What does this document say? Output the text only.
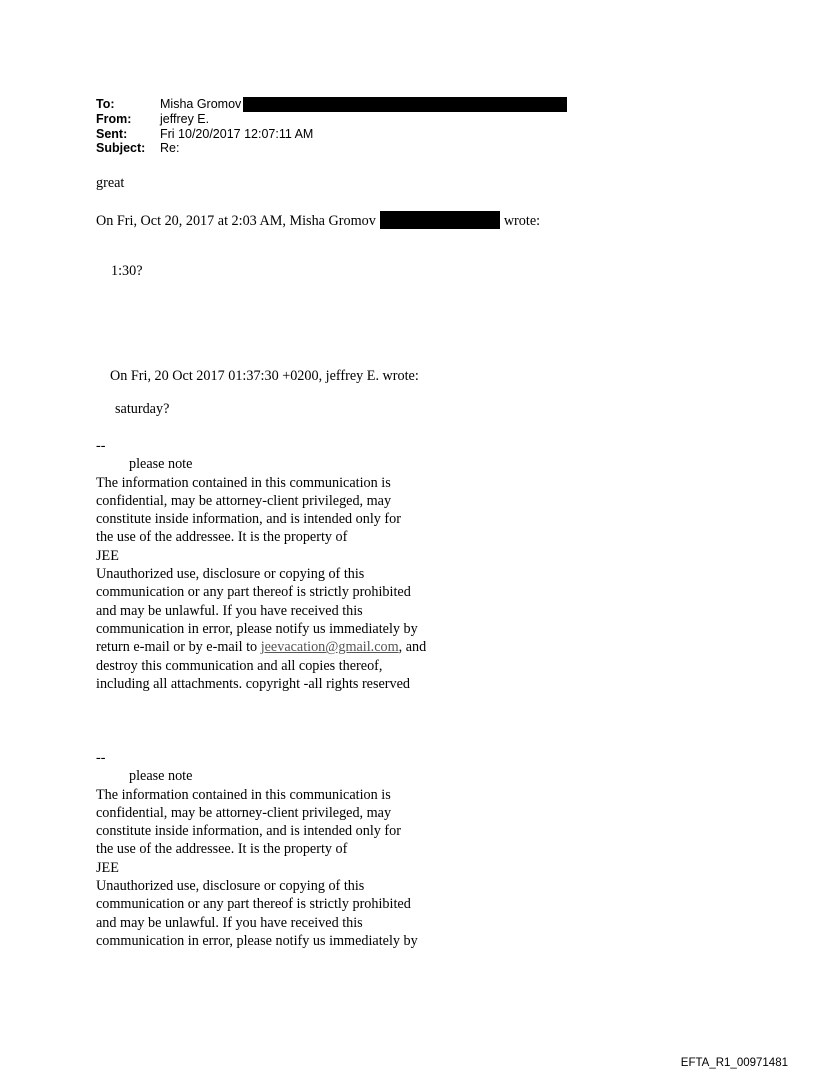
To:	Misha Gromov
From:	jeffrey E.
Sent:	Fri 10/20/2017 12:07:11 AM
Subject:	Re:

great

On Fri, Oct 20, 2017 at 2:03 AM, Misha Gromov	wrote:

1:30?

On Fri, 20 Oct 2017 01:37:30 +0200, jeffrey E. wrote:

saturday?

--
please note
The information contained in this communication is
confidential, may be attorney-client privileged, may
constitute inside information, and is intended only for
the use of the addressee. It is the property of
JEE
Unauthorized use, disclosure or copying of this
communication or any part thereof is strictly prohibited
and may be unlawful. If you have received this
communication in error, please notify us immediately by
return e-mail or by e-mail to jeevacation@gmail.com, and
destroy this communication and all copies thereof,
including all attachments. copyright -all rights reserved
--
please note
The information contained in this communication is
confidential, may be attorney-client privileged, may
constitute inside information, and is intended only for
the use of the addressee. It is the property of
JEE
Unauthorized use, disclosure or copying of this
communication or any part thereof is strictly prohibited
and may be unlawful. If you have received this
communication in error, please notify us immediately by
EFTA_R1_00971481
